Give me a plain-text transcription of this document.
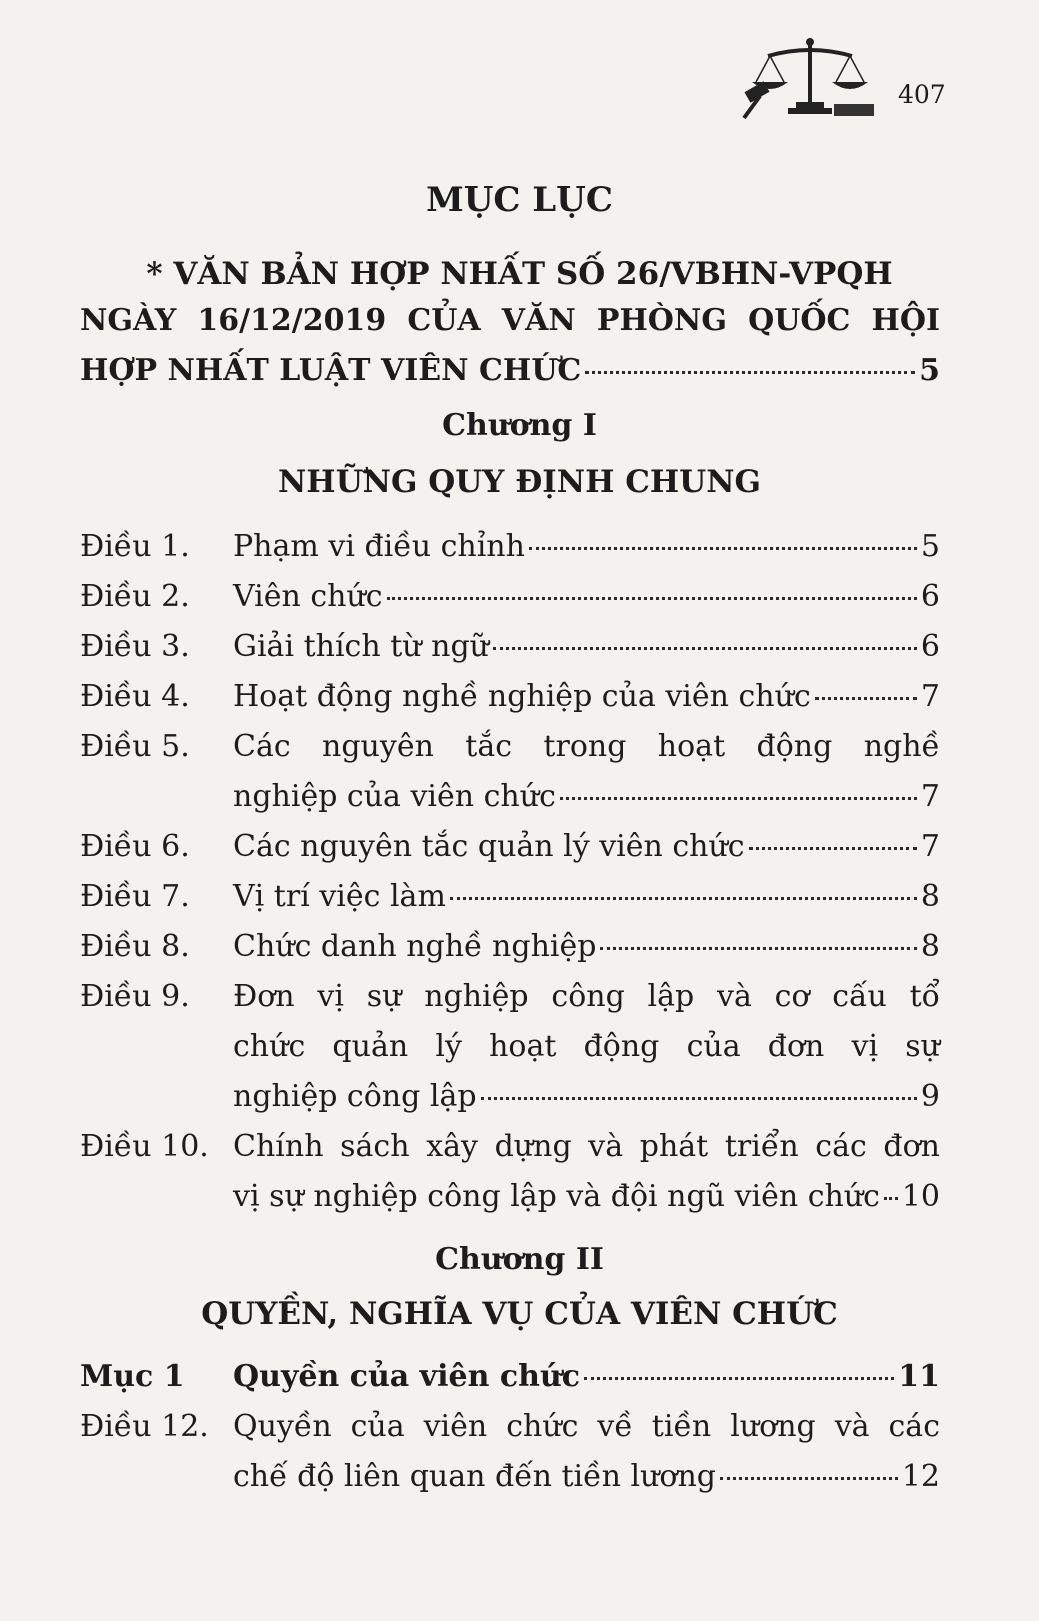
407
MỤC LỤC
* VĂN BẢN HỢP NHẤT SỐ 26/VBHN-VPQH
NGÀY 16/12/2019 CỦA VĂN PHÒNG QUỐC HỘI
HỢP NHẤT LUẬT VIÊN CHỨC	5
Chương I
NHỮNG QUY ĐỊNH CHUNG
Điều 1. Phạm vi điều chỉnh	5
Điều 2. Viên chức	6
Điều 3. Giải thích từ ngữ	6
Điều 4. Hoạt động nghề nghiệp của viên chức	7
Điều 5. Các nguyên tắc trong hoạt động nghề
nghiệp của viên chức	7
Điều 6. Các nguyên tắc quản lý viên chức	7
Điều 7. Vị trí việc làm	8
Điều 8. Chức danh nghề nghiệp	8
Điều 9. Đơn vị sự nghiệp công lập và cơ cấu tổ
chức quản lý hoạt động của đơn vị sự
nghiệp công lập	9
Điều 10. Chính sách xây dựng và phát triển các đơn
vị sự nghiệp công lập và đội ngũ viên chức 10
Chương II
QUYỀN, NGHĨA VỤ CỦA VIÊN CHỨC
Mục 1 Quyền của viên chức	11
Điều 12. Quyền của viên chức về tiền lương và các
chế độ liên quan đến tiền lương	12
